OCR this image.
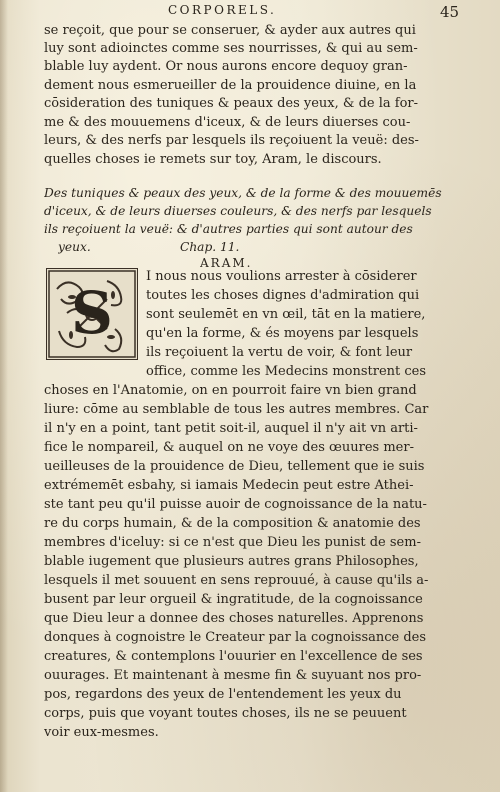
CORPORELS.	45
se reçoit, que pour se conseruer, & ayder aux autres qui
luy sont adioinctes comme ses nourrisses, & qui au sem-
blable luy aydent. Or nous aurons encore dequoy gran-
dement nous esmerueiller de la prouidence diuine, en la
cōsideration des tuniques & peaux des yeux, & de la for-
me & des mouuemens d'iceux, & de leurs diuerses cou-
leurs, & des nerfs par lesquels ils reçoiuent la veuë: des-
quelles choses ie remets sur toy, Aram, le discours.
Des tuniques & peaux des yeux, & de la forme & des mouuemēs
d'iceux, & de leurs diuerses couleurs, & des nerfs par lesquels
ils reçoiuent la veuë: & d'autres parties qui sont autour des
yeux.	Chap. 11.
ARAM.
S
I nous nous voulions arrester à cōsiderer
toutes les choses dignes d'admiration qui
sont seulemēt en vn œil, tāt en la matiere,
qu'en la forme, & és moyens par lesquels
ils reçoiuent la vertu de voir, & font leur
office, comme les Medecins monstrent ces
choses en l'Anatomie, on en pourroit faire vn bien grand
liure: cōme au semblable de tous les autres membres. Car
il n'y en a point, tant petit soit-il, auquel il n'y ait vn arti-
fice le nompareil, & auquel on ne voye des œuures mer-
ueilleuses de la prouidence de Dieu, tellement que ie suis
extrémemēt esbahy, si iamais Medecin peut estre Athei-
ste tant peu qu'il puisse auoir de cognoissance de la natu-
re du corps humain, & de la composition & anatomie des
membres d'iceluy: si ce n'est que Dieu les punist de sem-
blable iugement que plusieurs autres grans Philosophes,
lesquels il met souuent en sens reprouué, à cause qu'ils a-
busent par leur orgueil & ingratitude, de la cognoissance
que Dieu leur a donnee des choses naturelles. Apprenons
donques à cognoistre le Createur par la cognoissance des
creatures, & contemplons l'ouurier en l'excellence de ses
ouurages. Et maintenant à mesme fin & suyuant nos pro-
pos, regardons des yeux de l'entendement les yeux du
corps, puis que voyant toutes choses, ils ne se peuuent
voir eux-mesmes.
